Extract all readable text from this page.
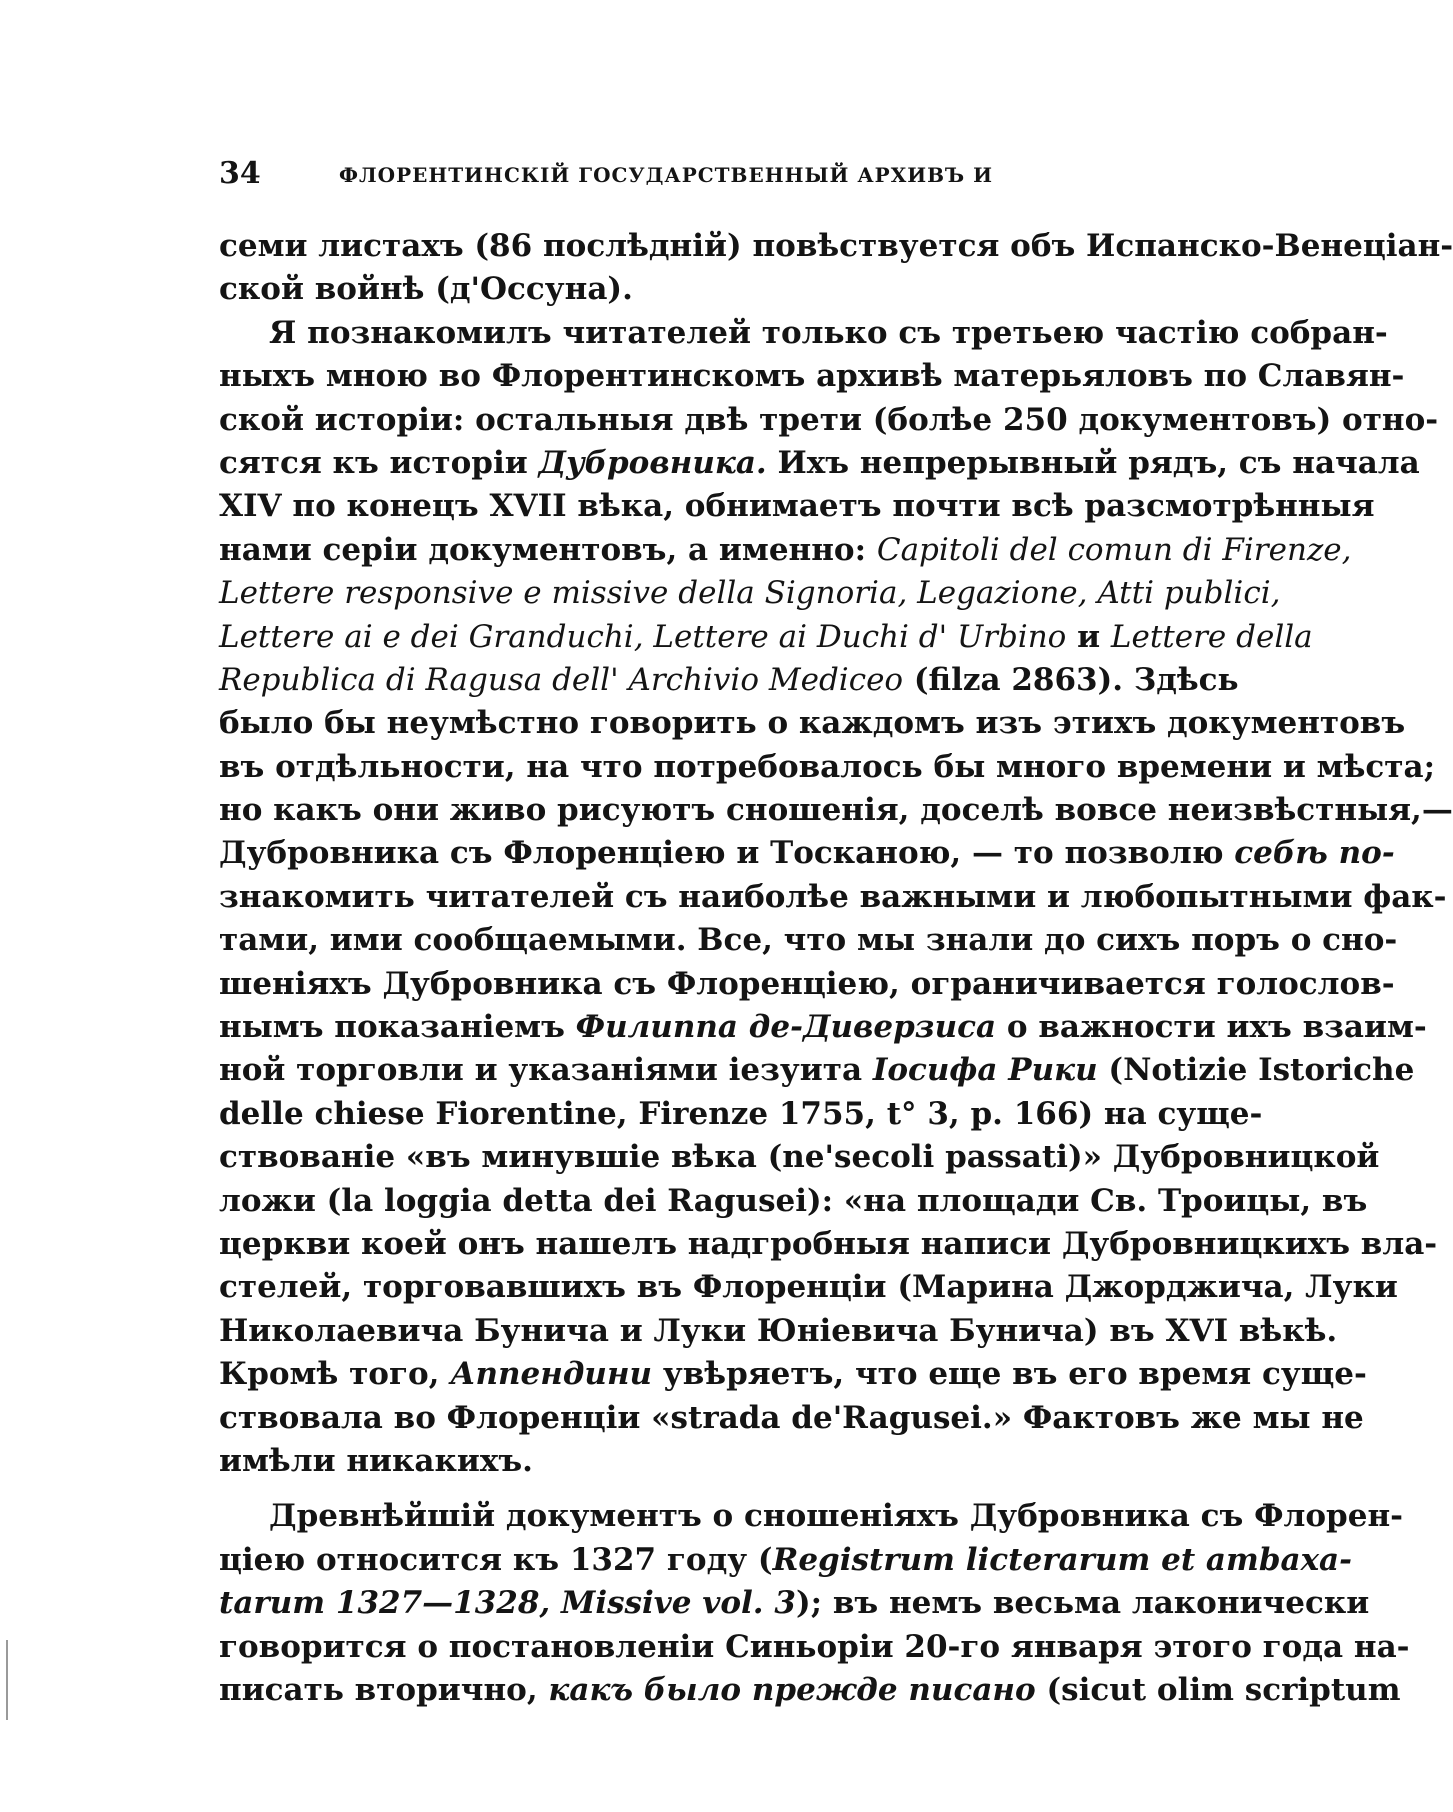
34	ФЛОРЕНТИНСКІЙ ГОСУДАРСТВЕННЫЙ АРХИВЪ И
семи листахъ (86 послѣдній) повѣствуется объ Испанско-Венеціан-
ской войнѣ (д'Оссуна).
Я познакомилъ читателей только съ третьею частію собран-
ныхъ мною во Флорентинскомъ архивѣ матерьяловъ по Славян-
ской исторіи: остальныя двѣ трети (болѣе 250 документовъ) отно-
сятся къ исторіи Дубровника. Ихъ непрерывный рядъ, съ начала
XIV по конецъ XVII вѣка, обнимаетъ почти всѣ разсмотрѣнныя
нами серіи документовъ, а именно: Capitoli del comun di Firenze,
Lettere responsive e missive della Signoria, Legazione, Atti publici,
Lettere ai e dei Granduchi, Lettere ai Duchi d' Urbino и Lettere della
Republica di Ragusa dell' Archivio Mediceo (filza 2863). Здѣсь
было бы неумѣстно говорить о каждомъ изъ этихъ документовъ
въ отдѣльности, на что потребовалось бы много времени и мѣста;
но какъ они живо рисуютъ сношенія, доселѣ вовсе неизвѣстныя,—
Дубровника съ Флоренціею и Тосканою, — то позволю себѣ по-
знакомить читателей съ наиболѣе важными и любопытными фак-
тами, ими сообщаемыми. Все, что мы знали до сихъ поръ о сно-
шеніяхъ Дубровника съ Флоренціею, ограничивается голослов-
нымъ показаніемъ Филиппа де-Диверзиса о важности ихъ взаим-
ной торговли и указаніями іезуита Іосифа Рики (Notizie Istoriche
delle chiese Fiorentine, Firenze 1755, t° 3, p. 166) на суще-
ствованіе «въ минувшіе вѣка (ne'secoli passati)» Дубровницкой
ложи (la loggia detta dei Ragusei): «на площади Св. Троицы, въ
церкви коей онъ нашелъ надгробныя написи Дубровницкихъ вла-
стелей, торговавшихъ въ Флоренціи (Марина Джорджича, Луки
Николаевича Бунича и Луки Юніевича Бунича) въ XVI вѣкѣ.
Кромѣ того, Аппендини увѣряетъ, что еще въ его время суще-
ствовала во Флоренціи «strada de'Ragusei.» Фактовъ же мы не
имѣли никакихъ.
Древнѣйшій документъ о сношеніяхъ Дубровника съ Флорен-
ціею относится къ 1327 году (Registrum licterarum et ambaxa-
tarum 1327—1328, Missive vol. 3); въ немъ весьма лаконически
говорится о постановленіи Синьоріи 20-го января этого года на-
писать вторично, какъ было прежде писано (sicut olim scriptum
